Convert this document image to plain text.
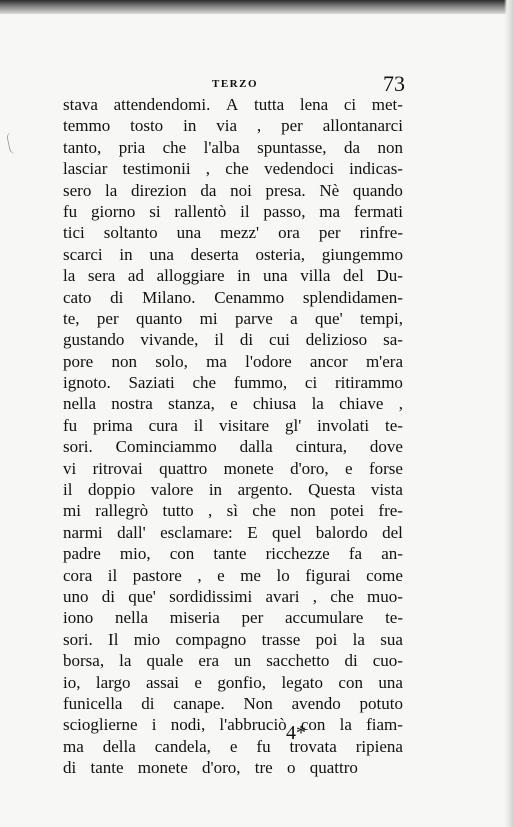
TERZO	73
stava attendendomi. A tutta lena ci met-
temmo tosto in via , per allontanarci
tanto, pria che l'alba spuntasse, da non
lasciar testimonii , che vedendoci indicas-
sero la direzion da noi presa. Nè quando
fu giorno si rallentò il passo, ma fermati
tici soltanto una mezz' ora per rinfre-
scarci in una deserta osteria, giungemmo
la sera ad alloggiare in una villa del Du-
cato di Milano. Cenammo splendidamen-
te, per quanto mi parve a que' tempi,
gustando vivande, il di cui delizioso sa-
pore non solo, ma l'odore ancor m'era
ignoto. Saziati che fummo, ci ritirammo
nella nostra stanza, e chiusa la chiave ,
fu prima cura il visitare gl' involati te-
sori. Cominciammo dalla cintura, dove
vi ritrovai quattro monete d'oro, e forse
il doppio valore in argento. Questa vista
mi rallegrò tutto , sì che non potei fre-
narmi dall' esclamare: E quel balordo del
padre mio, con tante ricchezze fa an-
cora il pastore , e me lo figurai come
uno di que' sordidissimi avari , che muo-
iono nella miseria per accumulare te-
sori. Il mio compagno trasse poi la sua
borsa, la quale era un sacchetto di cuo-
io, largo assai e gonfio, legato con una
funicella di canape. Non avendo potuto
scioglierne i nodi, l'abbruciò con la fiam-
ma della candela, e fu trovata ripiena
di tante monete d'oro, tre o quattro
4*
